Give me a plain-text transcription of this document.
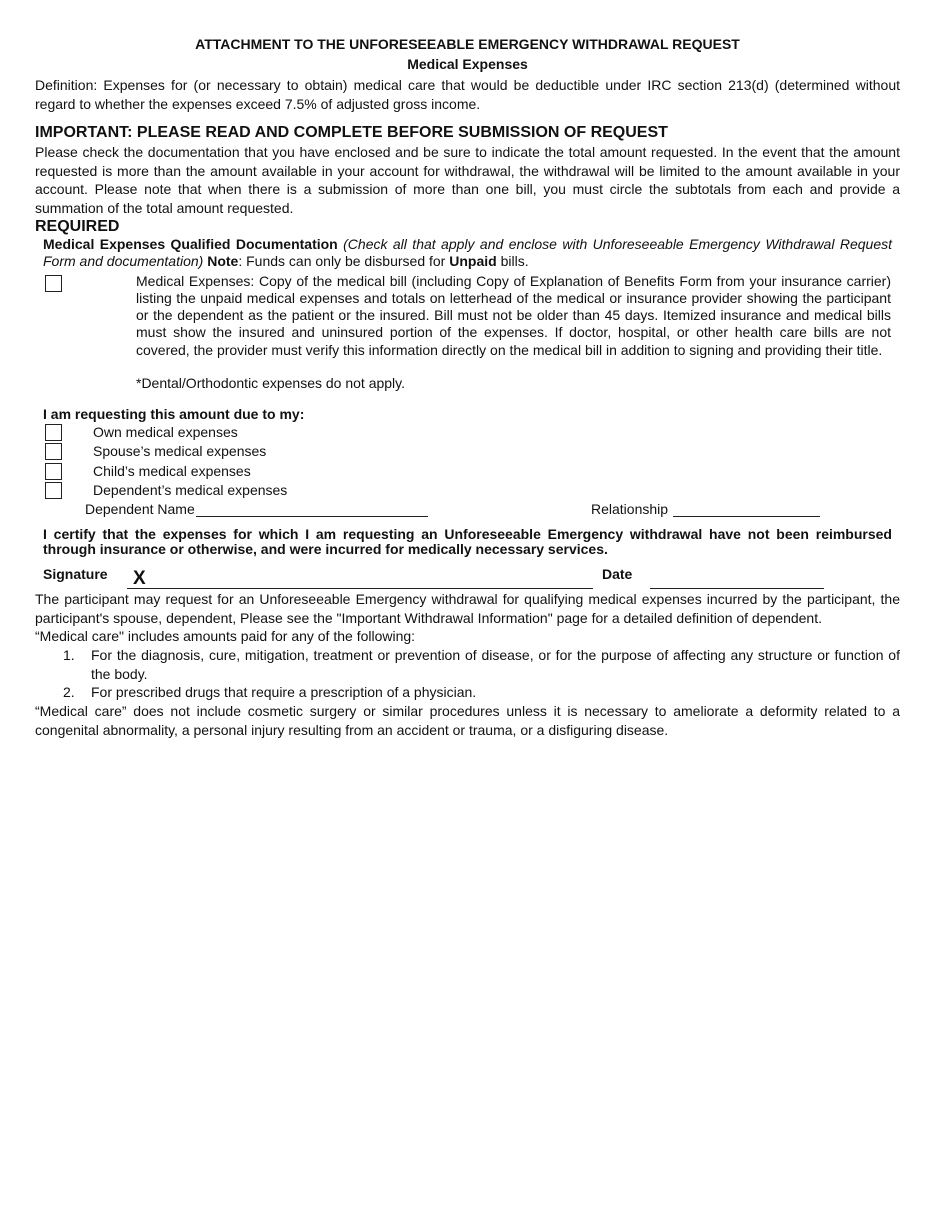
ATTACHMENT TO THE UNFORESEEABLE EMERGENCY WITHDRAWAL REQUEST
Medical Expenses

Definition: Expenses for (or necessary to obtain) medical care that would be deductible under IRC section 213(d) (determined without regard to whether the expenses exceed 7.5% of adjusted gross income.

IMPORTANT: PLEASE READ AND COMPLETE BEFORE SUBMISSION OF REQUEST

Please check the documentation that you have enclosed and be sure to indicate the total amount requested. In the event that the amount requested is more than the amount available in your account for withdrawal, the withdrawal will be limited to the amount available in your account. Please note that when there is a submission of more than one bill, you must circle the subtotals from each and provide a summation of the total amount requested.

REQUIRED

Medical Expenses Qualified Documentation (Check all that apply and enclose with Unforeseeable Emergency Withdrawal Request Form and documentation) Note: Funds can only be disbursed for Unpaid bills.

Medical Expenses: Copy of the medical bill (including Copy of Explanation of Benefits Form from your insurance carrier) listing the unpaid medical expenses and totals on letterhead of the medical or insurance provider showing the participant or the dependent as the patient or the insured. Bill must not be older than 45 days. Itemized insurance and medical bills must show the insured and uninsured portion of the expenses. If doctor, hospital, or other health care bills are not covered, the provider must verify this information directly on the medical bill in addition to signing and providing their title.
*Dental/Orthodontic expenses do not apply.
I am requesting this amount due to my:
Own medical expenses
Spouse’s medical expenses
Child’s medical expenses
Dependent’s medical expenses
Dependent Name	Relationship

I certify that the expenses for which I am requesting an Unforeseeable Emergency withdrawal have not been reimbursed through insurance or otherwise, and were incurred for medically necessary services.

Signature X	Date

The participant may request for an Unforeseeable Emergency withdrawal for qualifying medical expenses incurred by the participant, the participant's spouse, dependent, Please see the "Important Withdrawal Information" page for a detailed definition of dependent.

“Medical care" includes amounts paid for any of the following:

1. For the diagnosis, cure, mitigation, treatment or prevention of disease, or for the purpose of affecting any structure or function of the body.
2. For prescribed drugs that require a prescription of a physician.

“Medical care” does not include cosmetic surgery or similar procedures unless it is necessary to ameliorate a deformity related to a congenital abnormality, a personal injury resulting from an accident or trauma, or a disfiguring disease.
